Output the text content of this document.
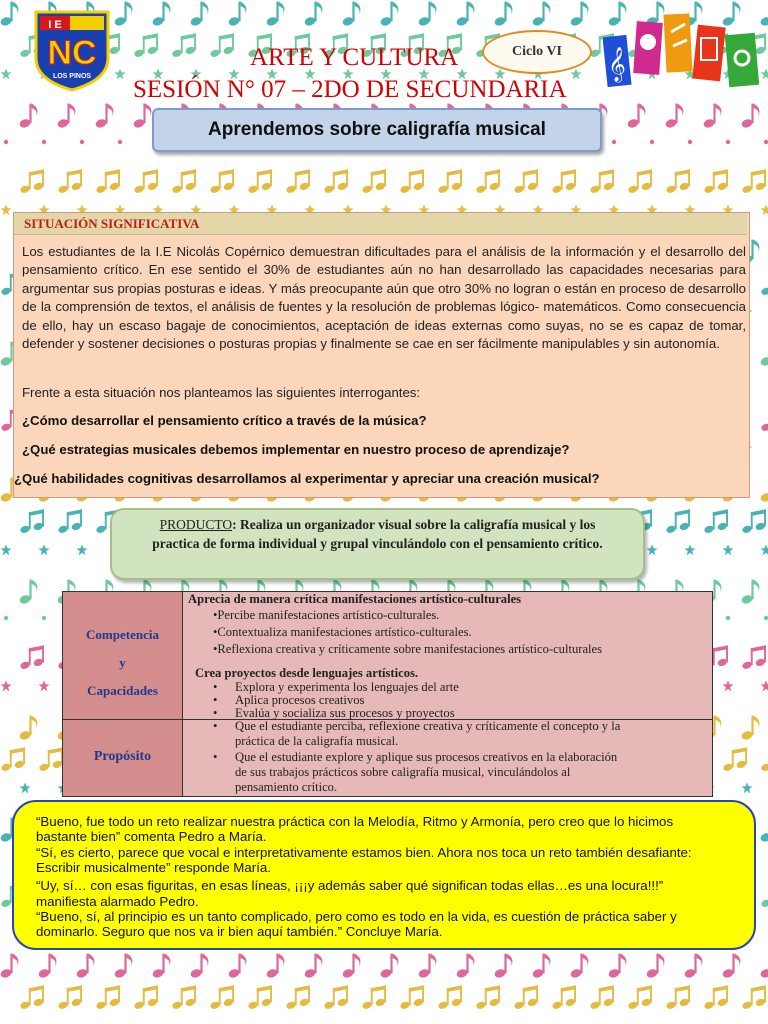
I E
NC
LOS PINOS
ARTE Y CULTURA
SESIÓN N° 07 – 2DO DE SECUNDARIA
Ciclo VI	𝄞
Aprendemos sobre caligrafía musical
SITUACIÓN SIGNIFICATIVA
Los estudiantes de la I.E Nicolás Copérnico demuestran dificultades para el análisis de la información y el desarrollo del pensamiento crítico. En ese sentido el 30% de estudiantes aún no han desarrollado las capacidades necesarias para argumentar sus propias posturas e ideas. Y más preocupante aún que otro 30% no logran o están en proceso de desarrollo de la comprensión de textos, el análisis de fuentes y la resolución de problemas lógico- matemáticos. Como consecuencia de ello, hay un escaso bagaje de conocimientos, aceptación de ideas externas como suyas, no se es capaz de tomar, defender y sostener decisiones o posturas propias y finalmente se cae en ser fácilmente manipulables y sin autonomía.
Frente a esta situación nos planteamos las siguientes interrogantes:
¿Cómo desarrollar el pensamiento crítico a través de la música?
¿Qué estrategias musicales debemos implementar en nuestro proceso de aprendizaje?
¿Qué habilidades cognitivas desarrollamos al experimentar y apreciar una creación musical?
PRODUCTO: Realiza un organizador visual sobre la caligrafía musical y los practica de forma individual y grupal vinculándolo con el pensamiento crítico.
Competencia
y
Capacidades
Propósito
Aprecia de manera crítica manifestaciones artístico-culturales
•Percibe manifestaciones artístico-culturales.
•Contextualiza manifestaciones artístico-culturales.
•Reflexiona creativa y críticamente sobre manifestaciones artístico-culturales
Crea proyectos desde lenguajes artísticos.
• Explora y experimenta los lenguajes del arte
• Aplica procesos creativos
• Evalúa y socializa sus procesos y proyectos
• Que el estudiante perciba, reflexione creativa y críticamente el concepto y la
práctica de la caligrafía musical.
• Que el estudiante explore y aplique sus procesos creativos en la elaboración
de sus trabajos prácticos sobre caligrafía musical, vinculándolos al
pensamiento crítico.
“Bueno, fue todo un reto realizar nuestra práctica con la Melodía, Ritmo y Armonía, pero creo que lo hicimos
bastante bien” comenta Pedro a María.
“Sí, es cierto, parece que vocal e interpretativamente estamos bien. Ahora nos toca un reto también desafiante:
Escribir musicalmente” responde María.
“Uy, sí… con esas figuritas, en esas líneas, ¡¡¡y además saber qué significan todas ellas…es una locura!!!”
manifiesta alarmado Pedro.
“Bueno, sí, al principio es un tanto complicado, pero como es todo en la vida, es cuestión de práctica saber y
dominarlo. Seguro que nos va ir bien aquí también.” Concluye María.
